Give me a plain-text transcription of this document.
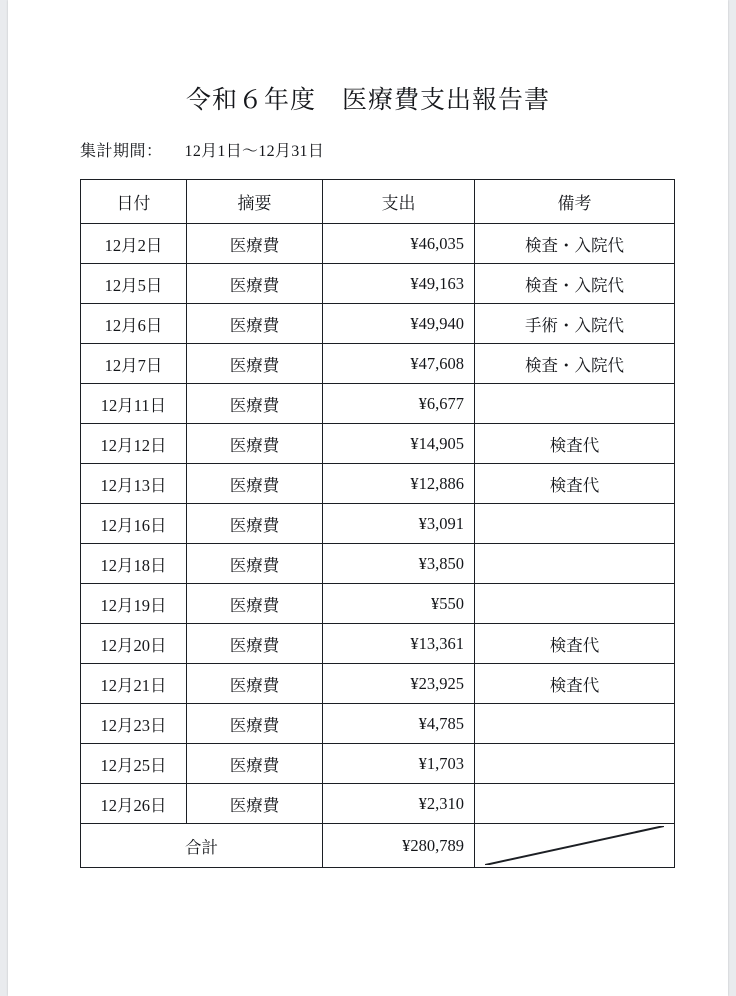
令和６年度　医療費支出報告書
集計期間： 12月1日〜12月31日
日付	摘要	支出	備考
12月2日	医療費	¥46,035	検査・入院代
12月5日	医療費	¥49,163	検査・入院代
12月6日	医療費	¥49,940	手術・入院代
12月7日	医療費	¥47,608	検査・入院代
12月11日	医療費	¥6,677	
12月12日	医療費	¥14,905	検査代
12月13日	医療費	¥12,886	検査代
12月16日	医療費	¥3,091	
12月18日	医療費	¥3,850	
12月19日	医療費	¥550	
12月20日	医療費	¥13,361	検査代
12月21日	医療費	¥23,925	検査代
12月23日	医療費	¥4,785	
12月25日	医療費	¥1,703	
12月26日	医療費	¥2,310	
合計		¥280,789	
